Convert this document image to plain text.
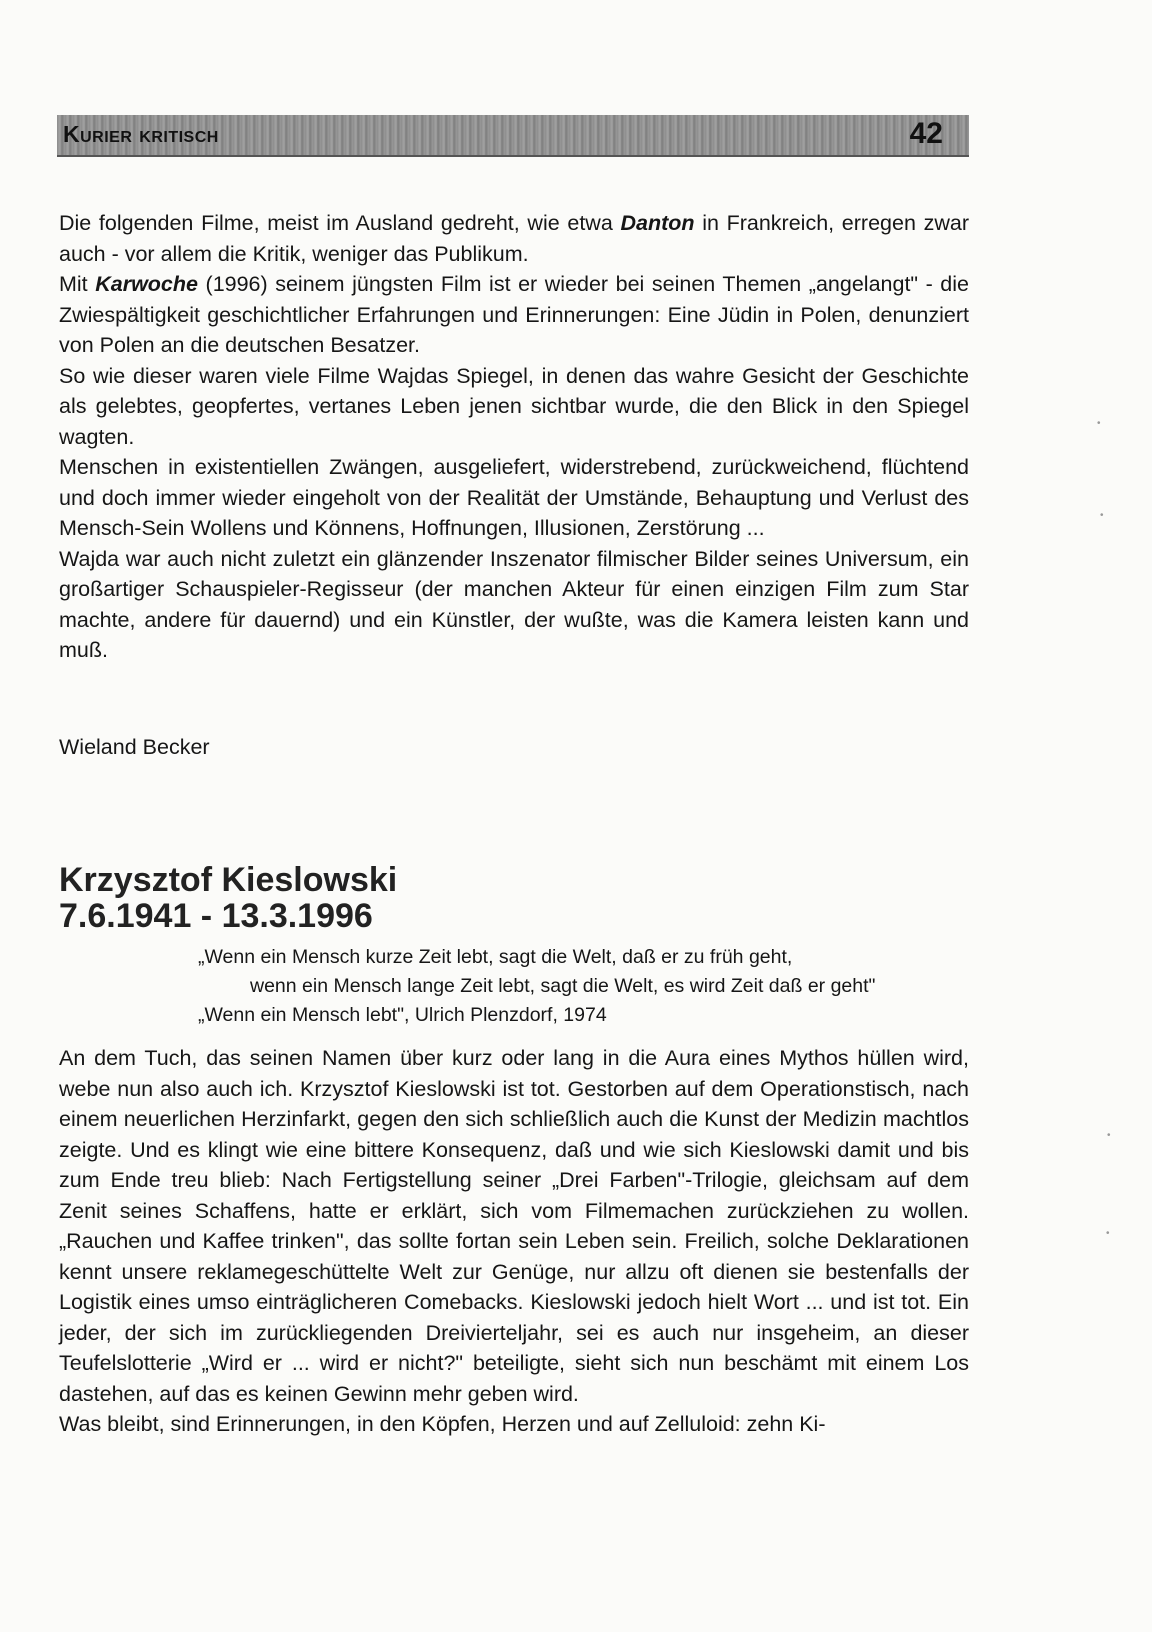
Kurier kritisch	42

Die folgenden Filme, meist im Ausland gedreht, wie etwa Danton in Frankreich, erregen zwar auch - vor allem die Kritik, weniger das Publikum.

Mit Karwoche (1996) seinem jüngsten Film ist er wieder bei seinen Themen „angelangt" - die Zwiespältigkeit geschichtlicher Erfahrungen und Erinnerungen: Eine Jüdin in Polen, denunziert von Polen an die deutschen Besatzer.

So wie dieser waren viele Filme Wajdas Spiegel, in denen das wahre Gesicht der Geschichte als gelebtes, geopfertes, vertanes Leben jenen sichtbar wurde, die den Blick in den Spiegel wagten.

Menschen in existentiellen Zwängen, ausgeliefert, widerstrebend, zurückweichend, flüchtend und doch immer wieder eingeholt von der Realität der Umstände, Behauptung und Verlust des Mensch-Sein Wollens und Könnens, Hoffnungen, Illusionen, Zerstörung ...

Wajda war auch nicht zuletzt ein glänzender Inszenator filmischer Bilder seines Universum, ein großartiger Schauspieler-Regisseur (der manchen Akteur für einen einzigen Film zum Star machte, andere für dauernd) und ein Künstler, der wußte, was die Kamera leisten kann und muß.

Wieland Becker
Krzysztof Kieslowski
7.6.1941 - 13.3.1996
„Wenn ein Mensch kurze Zeit lebt, sagt die Welt, daß er zu früh geht,
wenn ein Mensch lange Zeit lebt, sagt die Welt, es wird Zeit daß er geht"
„Wenn ein Mensch lebt", Ulrich Plenzdorf, 1974

An dem Tuch, das seinen Namen über kurz oder lang in die Aura eines Mythos hüllen wird, webe nun also auch ich. Krzysztof Kieslowski ist tot. Gestorben auf dem Operationstisch, nach einem neuerlichen Herzinfarkt, gegen den sich schließlich auch die Kunst der Medizin machtlos zeigte. Und es klingt wie eine bittere Konsequenz, daß und wie sich Kieslowski damit und bis zum Ende treu blieb: Nach Fertigstellung seiner „Drei Farben"-Trilogie, gleichsam auf dem Zenit seines Schaffens, hatte er erklärt, sich vom Filmemachen zurückziehen zu wollen. „Rauchen und Kaffee trinken", das sollte fortan sein Leben sein. Freilich, solche Deklarationen kennt unsere reklamegeschüttelte Welt zur Genüge, nur allzu oft dienen sie bestenfalls der Logistik eines umso einträglicheren Comebacks. Kieslowski jedoch hielt Wort ... und ist tot. Ein jeder, der sich im zurückliegenden Dreivierteljahr, sei es auch nur insgeheim, an dieser Teufelslotterie „Wird er ... wird er nicht?" beteiligte, sieht sich nun beschämt mit einem Los dastehen, auf das es keinen Gewinn mehr geben wird.

Was bleibt, sind Erinnerungen, in den Köpfen, Herzen und auf Zelluloid: zehn Ki-

•
•
•
•
